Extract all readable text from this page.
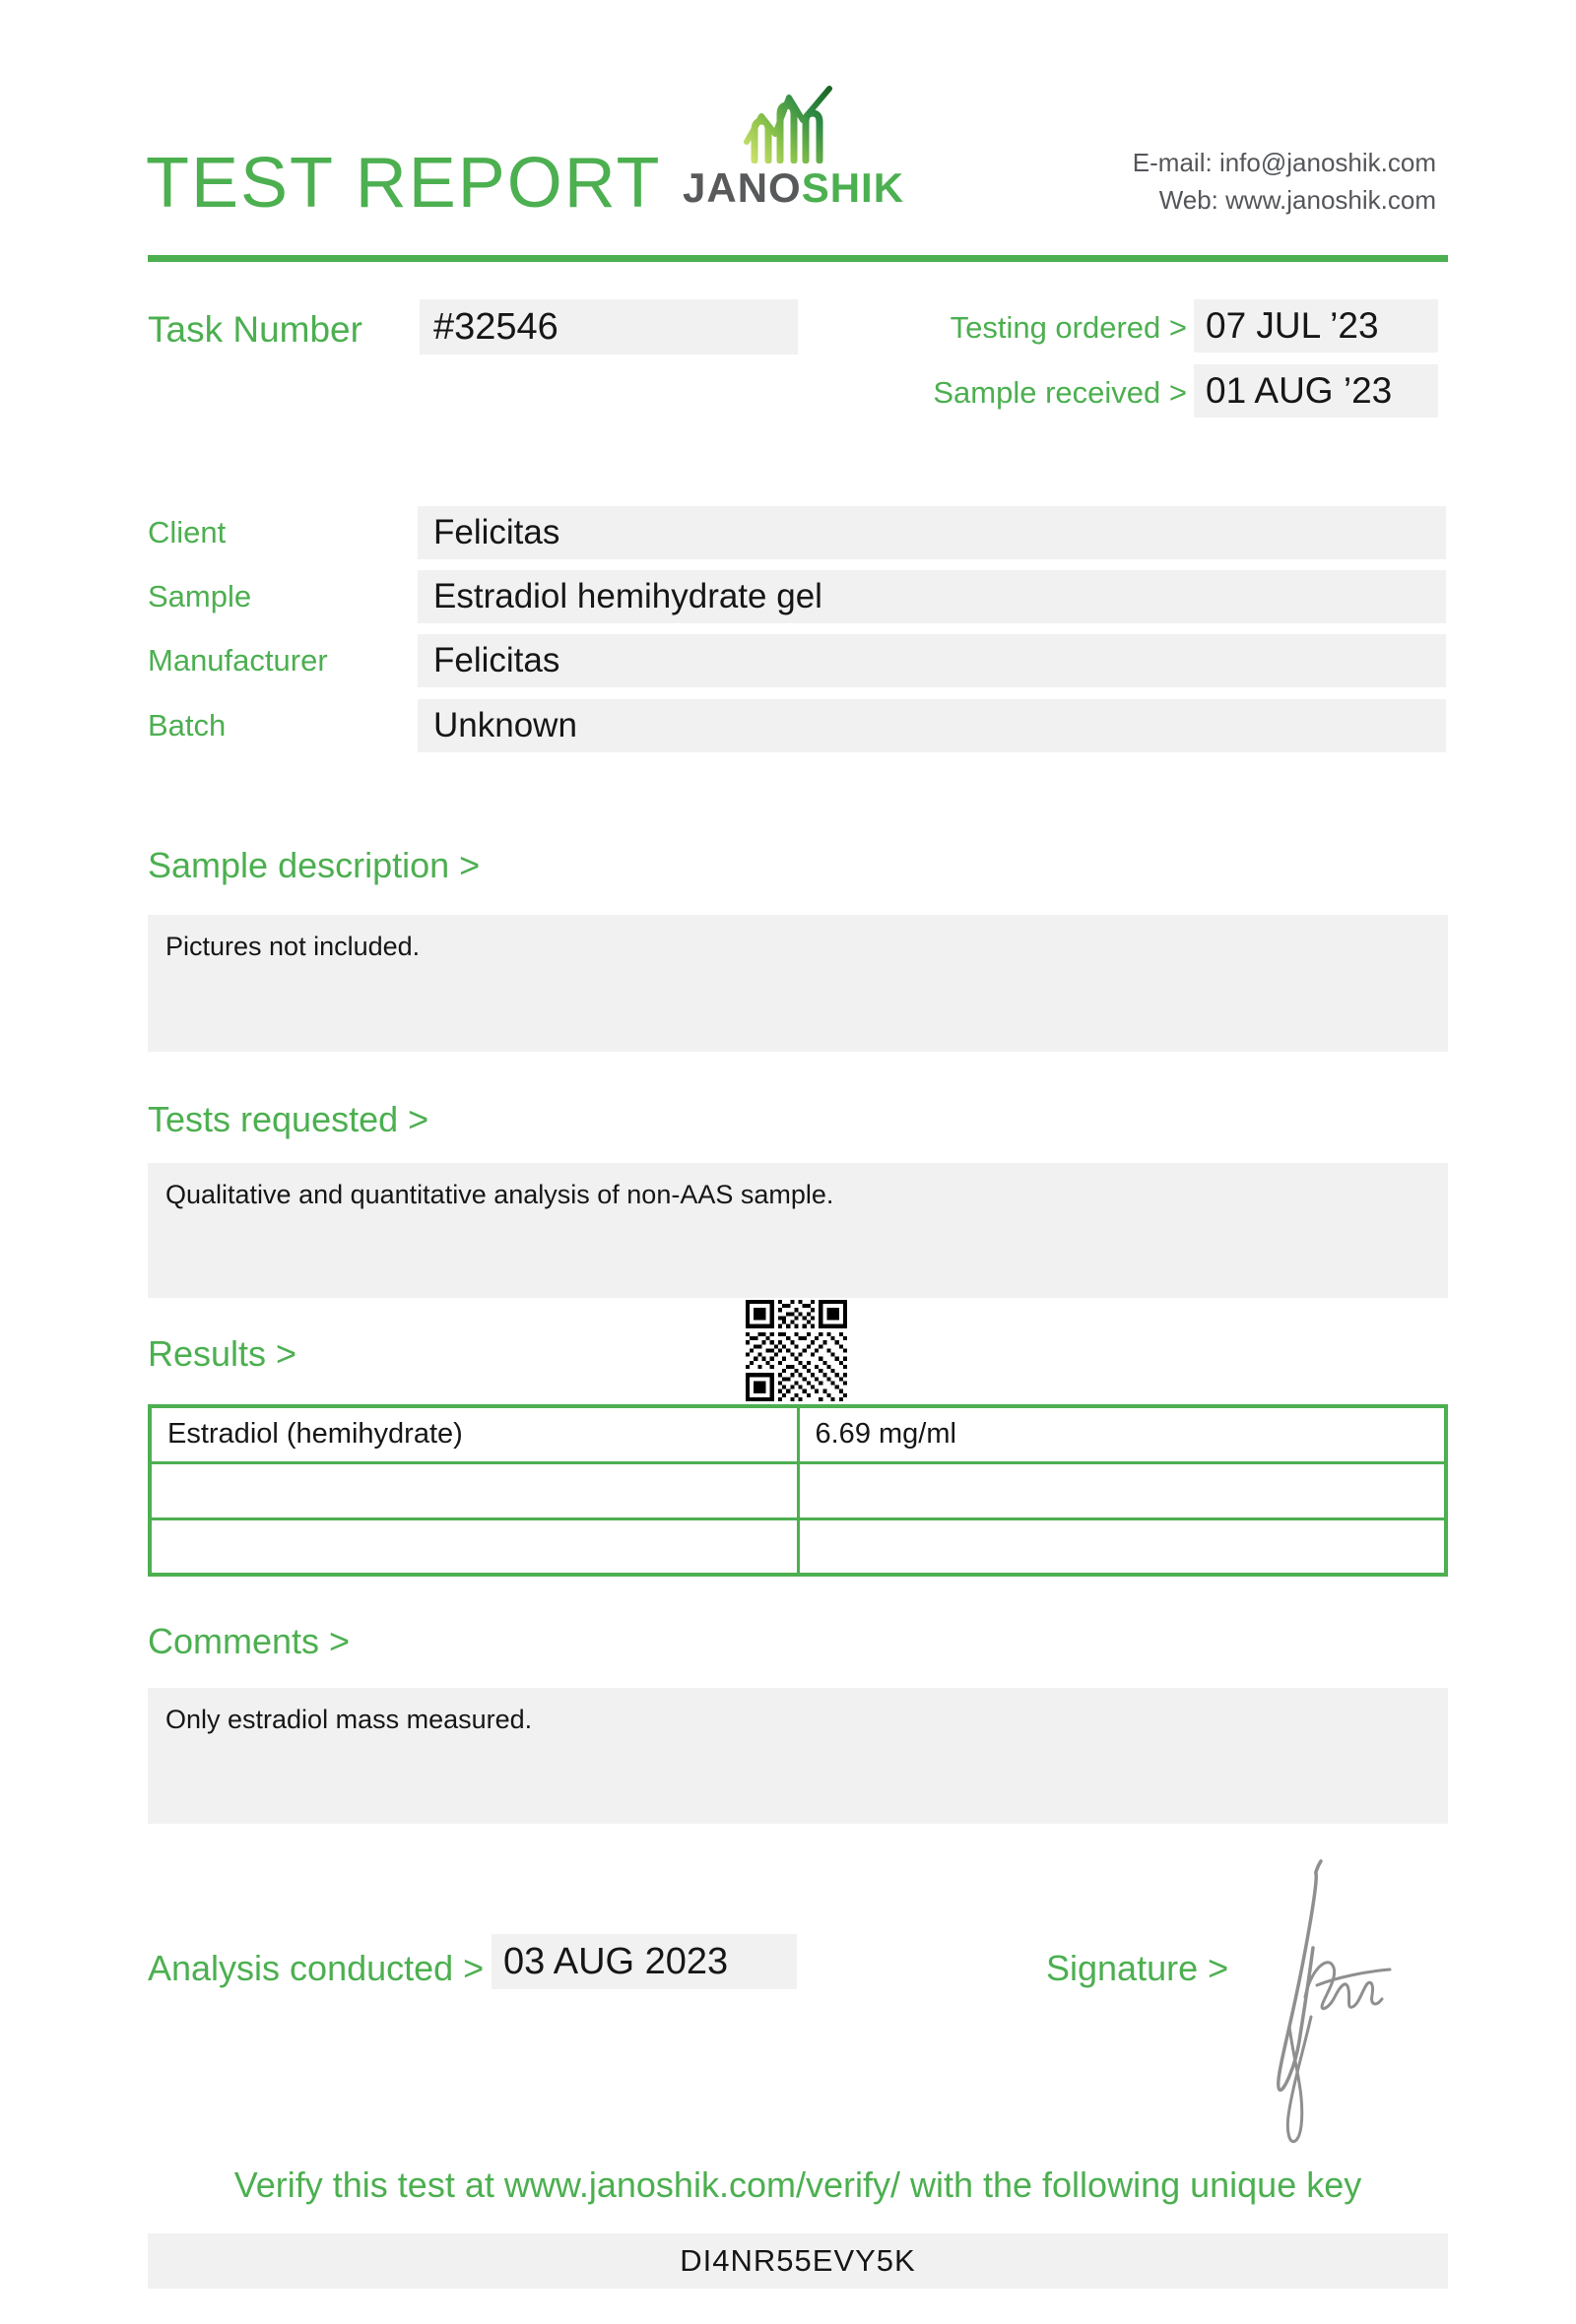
TEST REPORT JANOSHIK
E-mail: info@janoshik.com
Web: www.janoshik.com
Task Number	#32546	Testing ordered > 07 JUL ’23
Sample received > 01 AUG ’23
Client	Felicitas
Sample	Estradiol hemihydrate gel
Manufacturer	Felicitas
Batch	Unknown
Sample description >
Pictures not included.
Tests requested >
Qualitative and quantitative analysis of non-AAS sample.
Results >
Estradiol (hemihydrate)	6.69 mg/ml

Comments >
Only estradiol mass measured.
Analysis conducted > 03 AUG 2023	Signature >
Verify this test at www.janoshik.com/verify/ with the following unique key
DI4NR55EVY5K
